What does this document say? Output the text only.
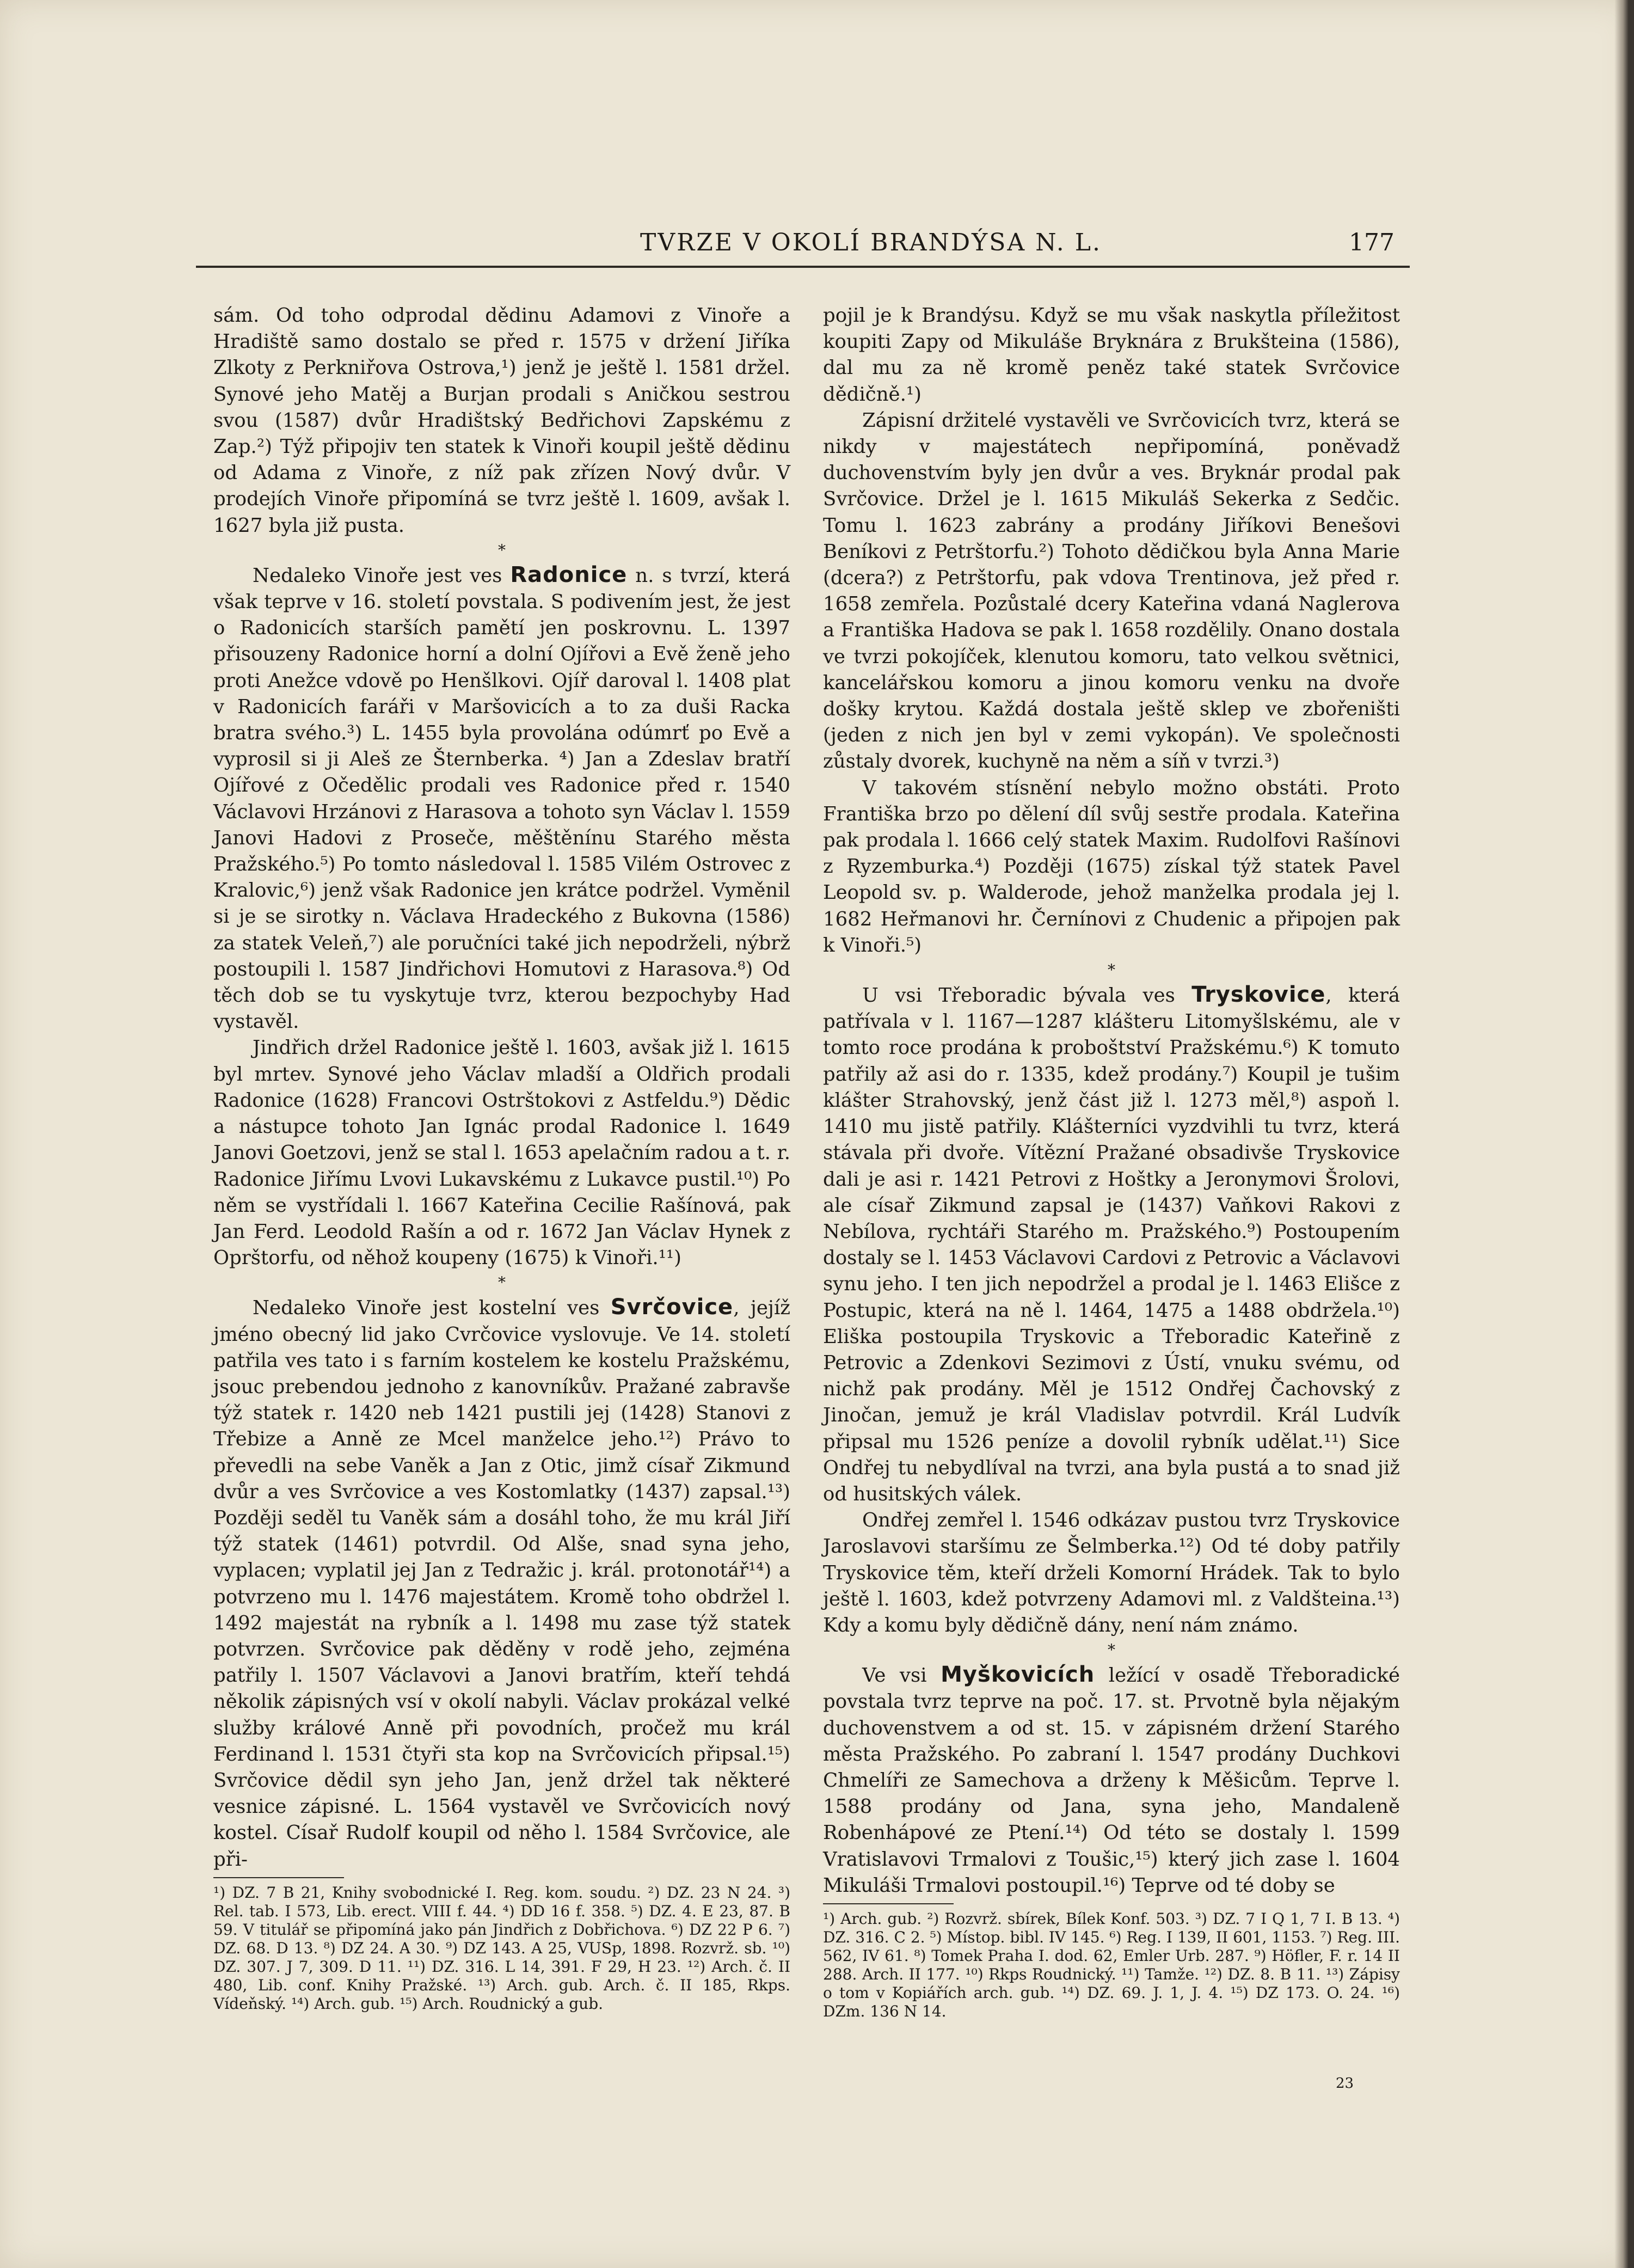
TVRZE V OKOLÍ BRANDÝSA N. L.	177

sám. Od toho odprodal dědinu Adamovi z Vinoře a Hradiště samo dostalo se před r. 1575 v držení Jiříka Zlkoty z Perkniřova Ostrova,¹) jenž je ještě l. 1581 držel. Synové jeho Matěj a Burjan prodali s Aničkou sestrou svou (1587) dvůr Hradištský Bedřichovi Zapskému z Zap.²) Týž připojiv ten statek k Vinoři koupil ještě dědinu od Adama z Vinoře, z níž pak zřízen Nový dvůr. V prodejích Vinoře připomíná se tvrz ještě l. 1609, avšak l. 1627 byla již pusta.

*

Nedaleko Vinoře jest ves Radonice n. s tvrzí, která však teprve v 16. století povstala. S podivením jest, že jest o Radonicích starších pamětí jen poskrovnu. L. 1397 přisouzeny Radonice horní a dolní Ojířovi a Evě ženě jeho proti Anežce vdově po Henšlkovi. Ojíř daroval l. 1408 plat v Radonicích faráři v Maršovicích a to za duši Racka bratra svého.³) L. 1455 byla provolána odúmrť po Evě a vyprosil si ji Aleš ze Šternberka. ⁴) Jan a Zdeslav bratří Ojířové z Očedělic prodali ves Radonice před r. 1540 Václavovi Hrzánovi z Harasova a tohoto syn Václav l. 1559 Janovi Hadovi z Proseče, měštěnínu Starého města Pražského.⁵) Po tomto následoval l. 1585 Vilém Ostrovec z Kralovic,⁶) jenž však Radonice jen krátce podržel. Vyměnil si je se sirotky n. Václava Hradeckého z Bukovna (1586) za statek Veleň,⁷) ale poručníci také jich nepodrželi, nýbrž postoupili l. 1587 Jindřichovi Homutovi z Harasova.⁸) Od těch dob se tu vyskytuje tvrz, kterou bezpochyby Had vystavěl.

Jindřich držel Radonice ještě l. 1603, avšak již l. 1615 byl mrtev. Synové jeho Václav mladší a Oldřich prodali Radonice (1628) Francovi Ostrštokovi z Astfeldu.⁹) Dědic a nástupce tohoto Jan Ignác prodal Radonice l. 1649 Janovi Goetzovi, jenž se stal l. 1653 apelačním radou a t. r. Radonice Jiřímu Lvovi Lukavskému z Lukavce pustil.¹⁰) Po něm se vystřídali l. 1667 Kateřina Cecilie Rašínová, pak Jan Ferd. Leodold Rašín a od r. 1672 Jan Václav Hynek z Oprštorfu, od něhož koupeny (1675) k Vinoři.¹¹)

*

Nedaleko Vinoře jest kostelní ves Svrčovice, jejíž jméno obecný lid jako Cvrčovice vyslovuje. Ve 14. století patřila ves tato i s farním kostelem ke kostelu Pražskému, jsouc prebendou jednoho z kanovníkův. Pražané zabravše týž statek r. 1420 neb 1421 pustili jej (1428) Stanovi z Třebize a Anně ze Mcel manželce jeho.¹²) Právo to převedli na sebe Vaněk a Jan z Otic, jimž císař Zikmund dvůr a ves Svrčovice a ves Kostomlatky (1437) zapsal.¹³) Později seděl tu Vaněk sám a dosáhl toho, že mu král Jiří týž statek (1461) potvrdil. Od Alše, snad syna jeho, vyplacen; vyplatil jej Jan z Tedražic j. král. protonotář¹⁴) a potvrzeno mu l. 1476 majestátem. Kromě toho obdržel l. 1492 majestát na rybník a l. 1498 mu zase týž statek potvrzen. Svrčovice pak děděny v rodě jeho, zejména patřily l. 1507 Václavovi a Janovi bratřím, kteří tehdá několik zápisných vsí v okolí nabyli. Václav prokázal velké služby králové Anně při povodních, pročež mu král Ferdinand l. 1531 čtyři sta kop na Svrčovicích připsal.¹⁵) Svrčovice dědil syn jeho Jan, jenž držel tak některé vesnice zápisné. L. 1564 vystavěl ve Svrčovicích nový kostel. Císař Rudolf koupil od něho l. 1584 Svrčovice, ale při-

¹) DZ. 7 B 21, Knihy svobodnické I. Reg. kom. soudu. ²) DZ. 23 N 24. ³) Rel. tab. I 573, Lib. erect. VIII f. 44. ⁴) DD 16 f. 358. ⁵) DZ. 4. E 23, 87. B 59. V titulář se připomíná jako pán Jindřich z Dobřichova. ⁶) DZ 22 P 6. ⁷) DZ. 68. D 13. ⁸) DZ 24. A 30. ⁹) DZ 143. A 25, VUSp, 1898. Rozvrž. sb. ¹⁰) DZ. 307. J 7, 309. D 11. ¹¹) DZ. 316. L 14, 391. F 29, H 23. ¹²) Arch. č. II 480, Lib. conf. Knihy Pražské. ¹³) Arch. gub. Arch. č. II 185, Rkps. Vídeňský. ¹⁴) Arch. gub. ¹⁵) Arch. Roudnický a gub.

pojil je k Brandýsu. Když se mu však naskytla příležitost koupiti Zapy od Mikuláše Bryknára z Brukšteina (1586), dal mu za ně kromě peněz také statek Svrčovice dědičně.¹)

Zápisní držitelé vystavěli ve Svrčovicích tvrz, která se nikdy v majestátech nepřipomíná, poněvadž duchovenstvím byly jen dvůr a ves. Bryknár prodal pak Svrčovice. Držel je l. 1615 Mikuláš Sekerka z Sedčic. Tomu l. 1623 zabrány a prodány Jiříkovi Benešovi Beníkovi z Petrštorfu.²) Tohoto dědičkou byla Anna Marie (dcera?) z Petrštorfu, pak vdova Trentinova, jež před r. 1658 zemřela. Pozůstalé dcery Kateřina vdaná Naglerova a Františka Hadova se pak l. 1658 rozdělily. Onano dostala ve tvrzi pokojíček, klenutou komoru, tato velkou světnici, kancelářskou komoru a jinou komoru venku na dvoře došky krytou. Každá dostala ještě sklep ve zbořeništi (jeden z nich jen byl v zemi vykopán). Ve společnosti zůstaly dvorek, kuchyně na něm a síň v tvrzi.³)

V takovém stísnění nebylo možno obstáti. Proto Františka brzo po dělení díl svůj sestře prodala. Kateřina pak prodala l. 1666 celý statek Maxim. Rudolfovi Rašínovi z Ryzemburka.⁴) Později (1675) získal týž statek Pavel Leopold sv. p. Walderode, jehož manželka prodala jej l. 1682 Heřmanovi hr. Černínovi z Chudenic a připojen pak k Vinoři.⁵)

*

U vsi Třeboradic bývala ves Tryskovice, která patřívala v l. 1167—1287 klášteru Litomyšlskému, ale v tomto roce prodána k proboštství Pražskému.⁶) K tomuto patřily až asi do r. 1335, kdež prodány.⁷) Koupil je tušim klášter Strahovský, jenž část již l. 1273 měl,⁸) aspoň l. 1410 mu jistě patřily. Klášterníci vyzdvihli tu tvrz, která stávala při dvoře. Vítězní Pražané obsadivše Tryskovice dali je asi r. 1421 Petrovi z Hoštky a Jeronymovi Šrolovi, ale císař Zikmund zapsal je (1437) Vaňkovi Rakovi z Nebílova, rychtáři Starého m. Pražského.⁹) Postoupením dostaly se l. 1453 Václavovi Cardovi z Petrovic a Václavovi synu jeho. I ten jich nepodržel a prodal je l. 1463 Elišce z Postupic, která na ně l. 1464, 1475 a 1488 obdržela.¹⁰) Eliška postoupila Tryskovic a Třeboradic Kateřině z Petrovic a Zdenkovi Sezimovi z Ústí, vnuku svému, od nichž pak prodány. Měl je 1512 Ondřej Čachovský z Jinočan, jemuž je král Vladislav potvrdil. Král Ludvík připsal mu 1526 peníze a dovolil rybník udělat.¹¹) Sice Ondřej tu nebydlíval na tvrzi, ana byla pustá a to snad již od husitských válek.

Ondřej zemřel l. 1546 odkázav pustou tvrz Tryskovice Jaroslavovi staršímu ze Šelmberka.¹²) Od té doby patřily Tryskovice těm, kteří drželi Komorní Hrádek. Tak to bylo ještě l. 1603, kdež potvrzeny Adamovi ml. z Valdšteina.¹³) Kdy a komu byly dědičně dány, není nám známo.

*

Ve vsi Myškovicích ležící v osadě Třeboradické povstala tvrz teprve na poč. 17. st. Prvotně byla nějakým duchovenstvem a od st. 15. v zápisném držení Starého města Pražského. Po zabraní l. 1547 prodány Duchkovi Chmelíři ze Samechova a drženy k Měšicům. Teprve l. 1588 prodány od Jana, syna jeho, Mandaleně Robenhápové ze Ptení.¹⁴) Od této se dostaly l. 1599 Vratislavovi Trmalovi z Toušic,¹⁵) který jich zase l. 1604 Mikuláši Trmalovi postoupil.¹⁶) Teprve od té doby se

¹) Arch. gub. ²) Rozvrž. sbírek, Bílek Konf. 503. ³) DZ. 7 I Q 1, 7 I. B 13. ⁴) DZ. 316. C 2. ⁵) Místop. bibl. IV 145. ⁶) Reg. I 139, II 601, 1153. ⁷) Reg. III. 562, IV 61. ⁸) Tomek Praha I. dod. 62, Emler Urb. 287. ⁹) Höfler, F. r. 14 II 288. Arch. II 177. ¹⁰) Rkps Roudnický. ¹¹) Tamže. ¹²) DZ. 8. B 11. ¹³) Zápisy o tom v Kopiářích arch. gub. ¹⁴) DZ. 69. J. 1, J. 4. ¹⁵) DZ 173. O. 24. ¹⁶) DZm. 136 N 14.
23
